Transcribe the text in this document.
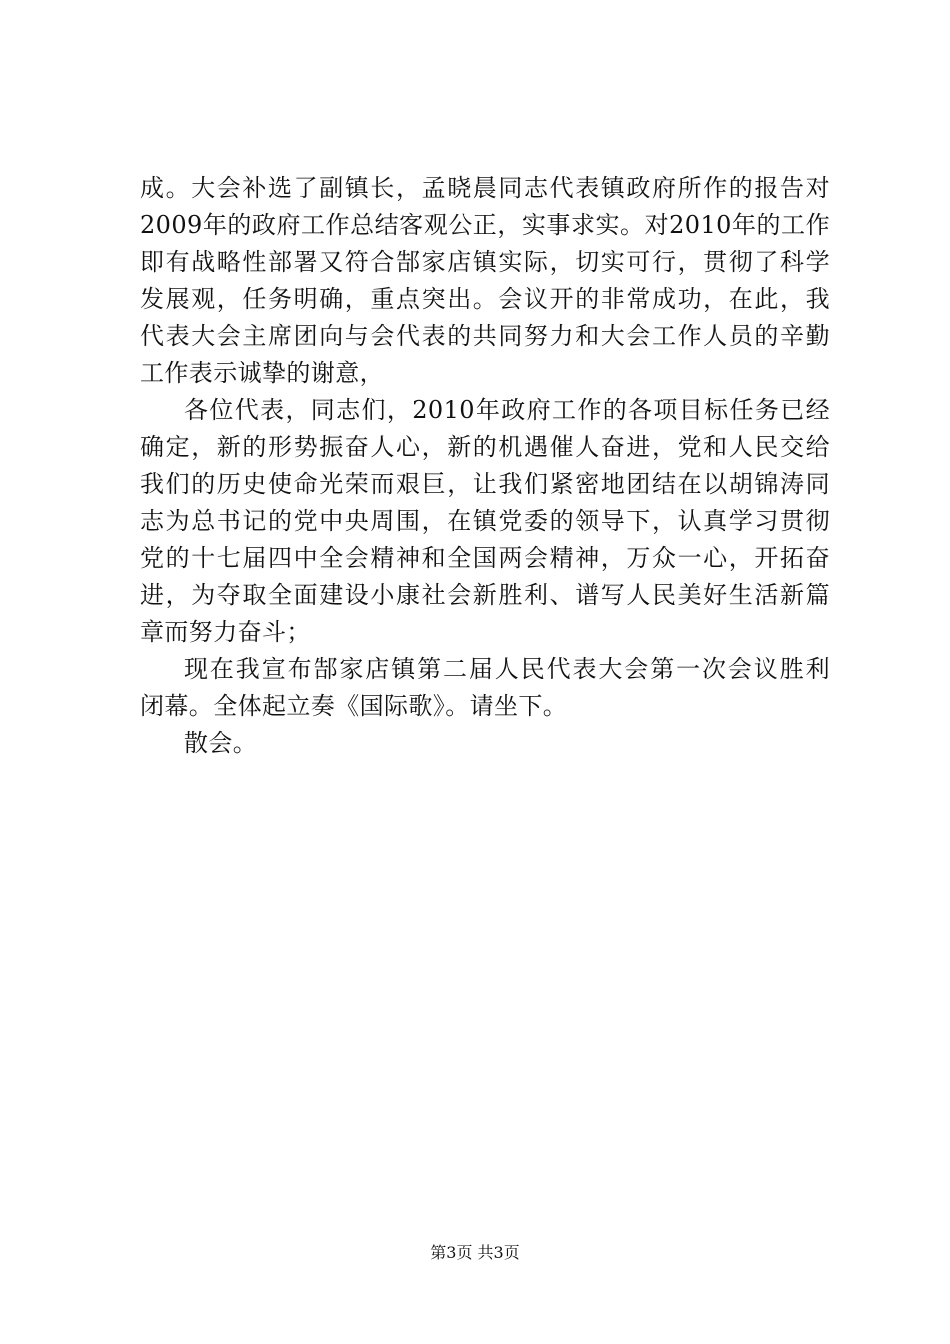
成。大会补选了副镇长，孟晓晨同志代表镇政府所作的报告对
2009年的政府工作总结客观公正，实事求实。对2010年的工作
即有战略性部署又符合郜家店镇实际，切实可行，贯彻了科学
发展观，任务明确，重点突出。会议开的非常成功，在此，我
代表大会主席团向与会代表的共同努力和大会工作人员的辛勤
工作表示诚挚的谢意，
各位代表，同志们，2010年政府工作的各项目标任务已经
确定，新的形势振奋人心，新的机遇催人奋进，党和人民交给
我们的历史使命光荣而艰巨，让我们紧密地团结在以胡锦涛同
志为总书记的党中央周围，在镇党委的领导下，认真学习贯彻
党的十七届四中全会精神和全国两会精神，万众一心，开拓奋
进，为夺取全面建设小康社会新胜利、谱写人民美好生活新篇
章而努力奋斗；
现在我宣布郜家店镇第二届人民代表大会第一次会议胜利
闭幕。全体起立奏《国际歌》。请坐下。
散会。
第3页 共3页
